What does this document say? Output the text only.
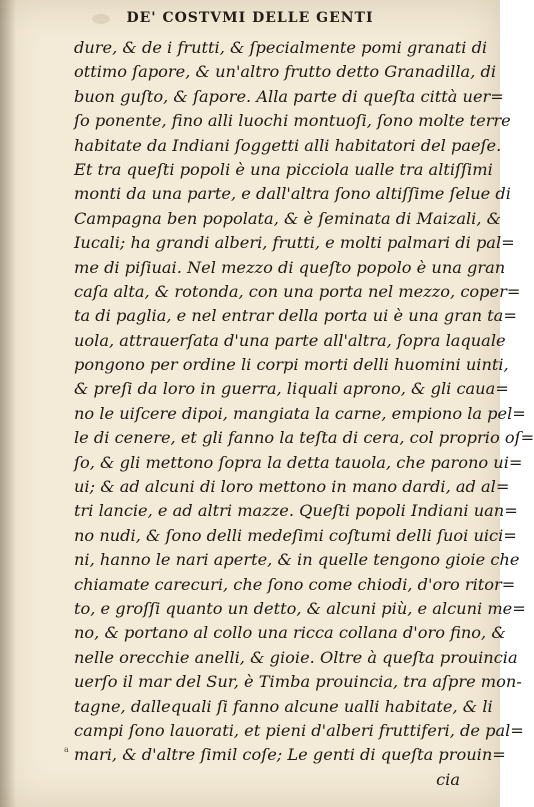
DE' COSTVMI DELLE GENTI
dure, & de i frutti, & ſpecialmente pomi granati di
ottimo ſapore, & un'altro frutto detto Granadilla, di
buon guſto, & ſapore. Alla parte di queſta città uer=
ſo ponente, fino alli luochi montuoſi, ſono molte terre
habitate da Indiani ſoggetti alli habitatori del paeſe.
Et tra queſti popoli è una picciola ualle tra altiſſimi
monti da una parte, e dall'altra ſono altiſſime ſelue di
Campagna ben popolata, & è ſeminata di Maizali, &
Iucali; ha grandi alberi, frutti, e molti palmari di pal=
me di piſiuai. Nel mezzo di queſto popolo è una gran
caſa alta, & rotonda, con una porta nel mezzo, coper=
ta di paglia, e nel entrar della porta ui è una gran ta=
uola, attrauerſata d'una parte all'altra, ſopra laquale
pongono per ordine li corpi morti delli huomini uinti,
& preſi da loro in guerra, liquali aprono, & gli caua=
no le uiſcere dipoi, mangiata la carne, empiono la pel=
le di cenere, et gli fanno la teſta di cera, col proprio oſ=
ſo, & gli mettono ſopra la detta tauola, che parono ui=
ui; & ad alcuni di loro mettono in mano dardi, ad al=
tri lancie, e ad altri mazze. Queſti popoli Indiani uan=
no nudi, & ſono delli medeſimi coſtumi delli ſuoi uici=
ni, hanno le nari aperte, & in quelle tengono gioie che
chiamate carecuri, che ſono come chiodi, d'oro ritor=
to, e groſſi quanto un detto, & alcuni più, e alcuni me=
no, & portano al collo una ricca collana d'oro fino, &
nelle orecchie anelli, & gioie. Oltre à queſta prouincia
uerſo il mar del Sur, è Timba prouincia, tra aſpre mon-
tagne, dallequali ſi fanno alcune ualli habitate, & li
campi ſono lauorati, et pieni d'alberi fruttiferi, de pal=
mari, & d'altre ſimil coſe; Le genti di queſta prouin=
cia
a
